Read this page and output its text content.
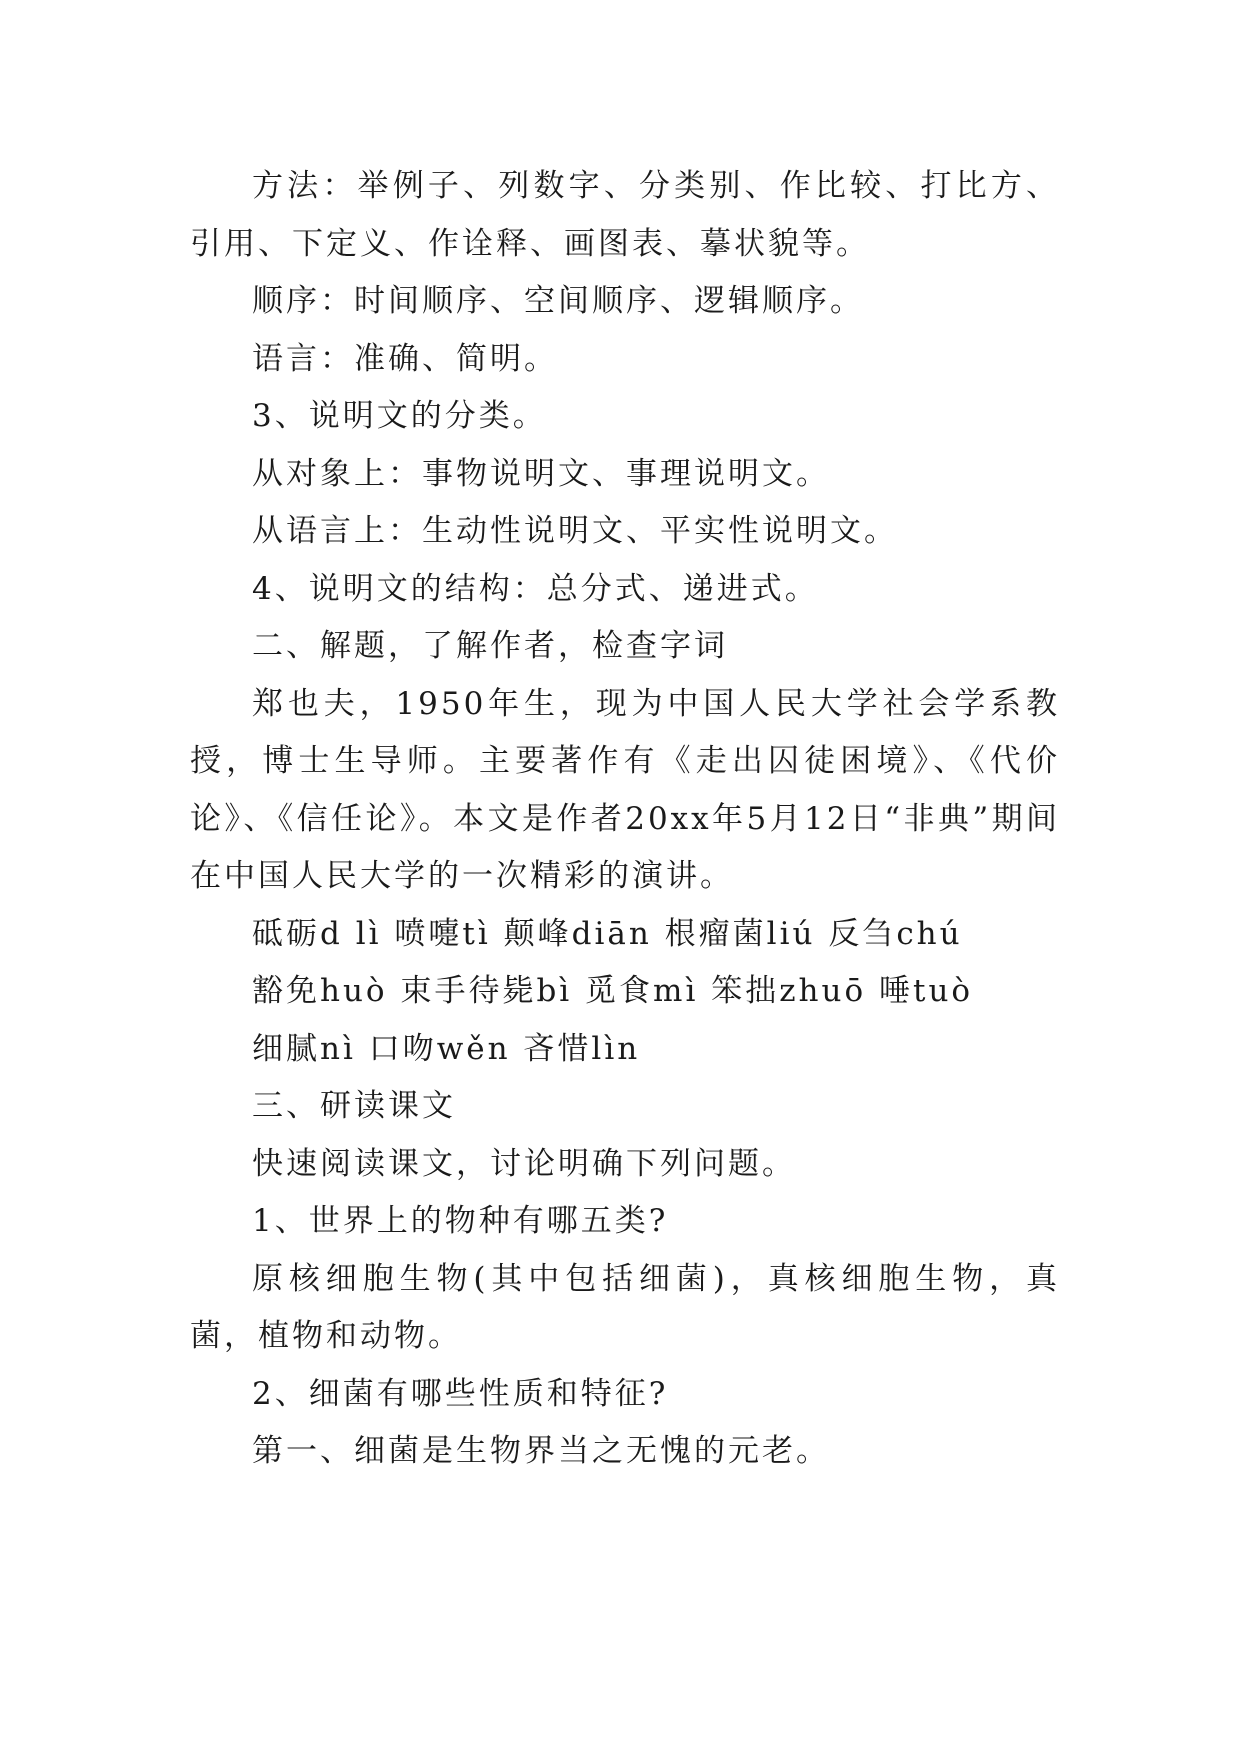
方法：举例子、列数字、分类别、作比较、打比方、引用、下定义、作诠释、画图表、摹状貌等。

顺序：时间顺序、空间顺序、逻辑顺序。

语言：准确、简明。

3、说明文的分类。

从对象上：事物说明文、事理说明文。

从语言上：生动性说明文、平实性说明文。

4、说明文的结构：总分式、递进式。

二、解题，了解作者，检查字词

郑也夫，1950年生，现为中国人民大学社会学系教授，博士生导师。主要著作有《走出囚徒困境》、《代价论》、《信任论》。本文是作者20xx年5月12日“非典”期间在中国人民大学的一次精彩的演讲。

砥砺d lì 喷嚏tì 颠峰diān 根瘤菌liú 反刍chú

豁免huò 束手待毙bì 觅食mì 笨拙zhuō 唾tuò

细腻nì 口吻wěn 吝惜lìn

三、研读课文

快速阅读课文，讨论明确下列问题。

1、世界上的物种有哪五类?

原核细胞生物(其中包括细菌)，真核细胞生物，真菌，植物和动物。

2、细菌有哪些性质和特征?

第一、细菌是生物界当之无愧的元老。
